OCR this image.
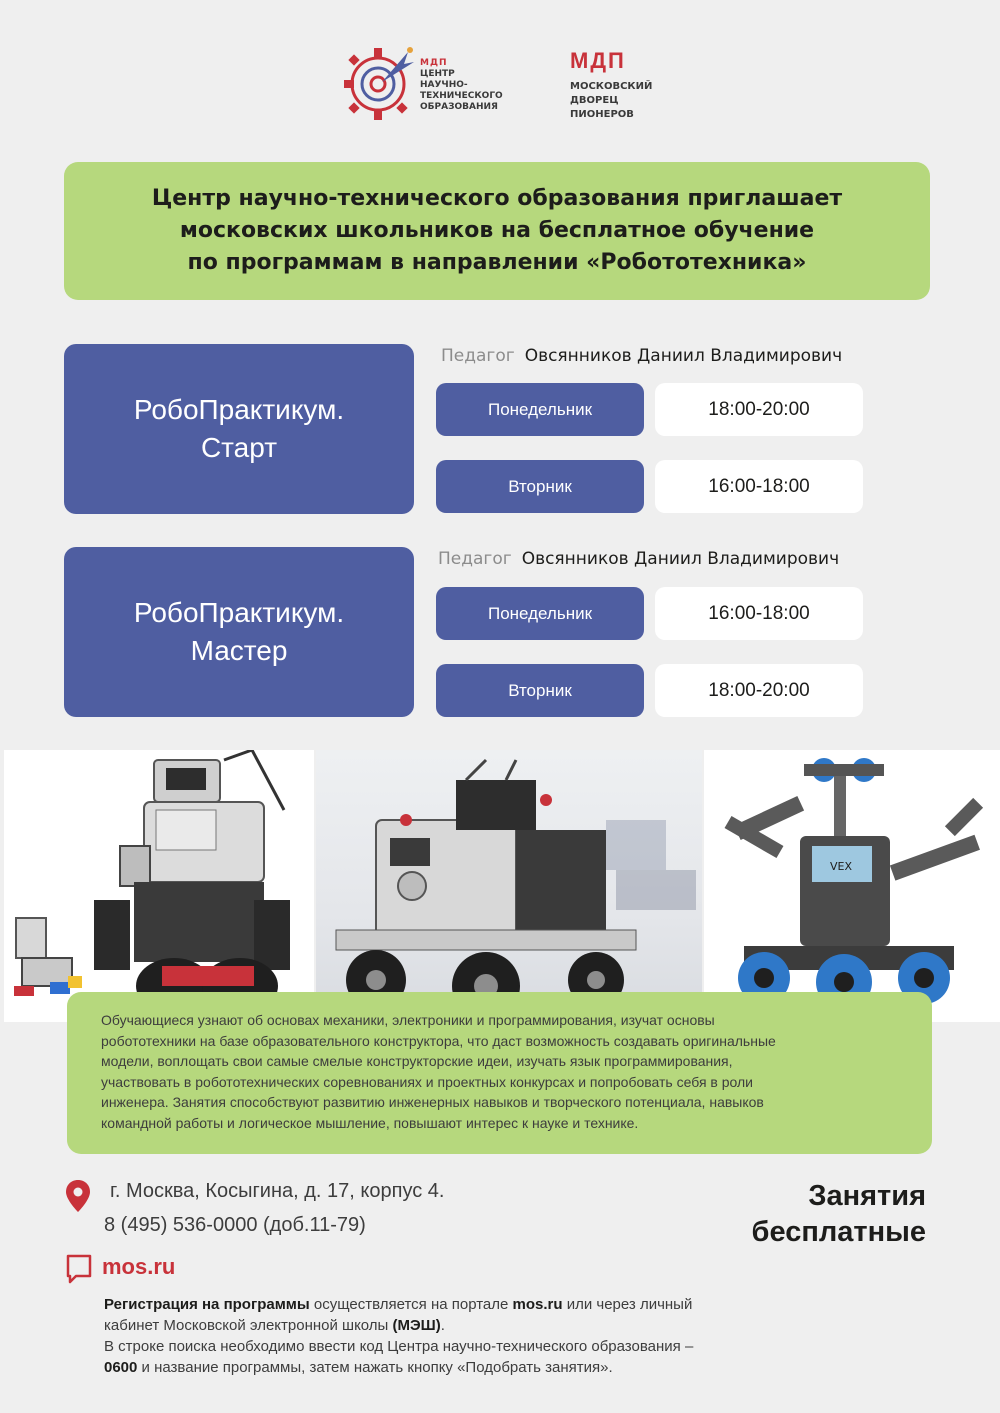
МДП
ЦЕНТР
НАУЧНО-ТЕХНИЧЕСКОГО
ОБРАЗОВАНИЯ
МДП
МОСКОВСКИЙ
ДВОРЕЦ
ПИОНЕРОВ
Центр научно-технического образования приглашает
московских школьников на бесплатное обучение
по программам в направлении «Робототехника»
РобоПрактикум.
Старт
Педагог Овсянников Даниил Владимирович
Понедельник	18:00-20:00
Вторник	16:00-18:00
РобоПрактикум.
Мастер
Педагог Овсянников Даниил Владимирович
Понедельник	16:00-18:00
Вторник	18:00-20:00
VEX

Обучающиеся узнают об основах механики, электроники и программирования, изучат основы

робототехники на базе образовательного конструктора, что даст возможность создавать оригинальные

модели, воплощать свои самые смелые конструкторские идеи, изучать язык программирования,

участвовать в робототехнических соревнованиях и проектных конкурсах и попробовать себя в роли

инженера. Занятия способствуют развитию инженерных навыков и творческого потенциала, навыков

командной работы и логическое мышление, повышают интерес к науке и технике.

г. Москва, Косыгина, д. 17, корпус 4.
8 (495) 536-0000 (доб.11-79)
Занятия
бесплатные
mos.ru
Регистрация на программы осуществляется на портале mos.ru или через личный
кабинет Московской электронной школы (МЭШ).
В строке поиска необходимо ввести код Центра научно-технического образования –
0600 и название программы, затем нажать кнопку «Подобрать занятия».
